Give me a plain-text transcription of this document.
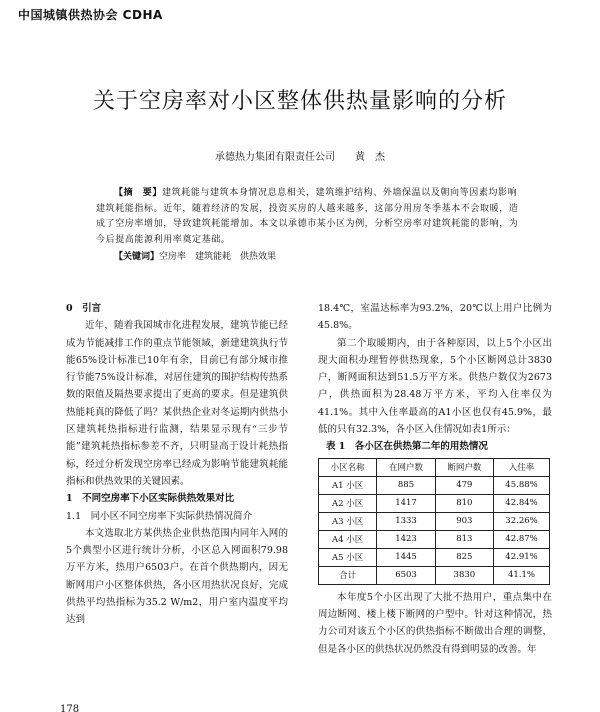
中国城镇供热协会 CDHA
关于空房率对小区整体供热量影响的分析
承德热力集团有限责任公司 黄　杰

【摘　要】建筑耗能与建筑本身情况息息相关，建筑维护结构、外墙保温以及朝向等因素均影响建筑耗能指标。近年，随着经济的发展，投资买房的人越来越多，这部分用房冬季基本不会取暖，造成了空房率增加，导致建筑耗能增加。本文以承德市某小区为例，分析空房率对建筑耗能的影响，为今后提高能源利用率奠定基础。

【关键词】空房率　建筑能耗　供热效果

0　引言

近年，随着我国城市化进程发展，建筑节能已经成为节能减排工作的重点节能领域，新建建筑执行节能65%设计标准已10年有余，目前已有部分城市推行节能75%设计标准，对居住建筑的围护结构传热系数的限值及隔热要求提出了更高的要求。但是建筑供热能耗真的降低了吗？某供热企业对冬运期内供热小区建筑耗热指标进行监测，结果显示现有“三步节能”建筑耗热指标参差不齐，只明显高于设计耗热指标，经过分析发现空房率已经成为影响节能建筑耗能指标和供热效果的关键因素。

1　不同空房率下小区实际供热效果对比

1.1　同小区不同空房率下实际供热情况简介

本文选取北方某供热企业供热范围内同年入网的5个典型小区进行统计分析，小区总入网面积79.98万平方米，热用户6503户。在首个供热期内，因无断网用户小区整体供热，各小区用热状况良好，完成供热平均热指标为35.2 W/m2，用户室内温度平均达到

18.4℃，室温达标率为93.2%，20℃以上用户比例为45.8%。

第二个取暖期内，由于各种原因，以上5个小区出现大面积办理暂停供热现象，5个小区断网总计3830户，断网面积达到51.5万平方米。供热户数仅为2673户，供热面积为28.48万平方米，平均入住率仅为41.1%。其中入住率最高的A1小区也仅有45.9%，最低的只有32.3%，各小区入住情况如表1所示：

表 1　各小区在供热第二年的用热情况

小区名称	在网户数	断网户数	入住率
A1 小区	885	479	45.88%
A2 小区	1417	810	42.84%
A3 小区	1333	903	32.26%
A4 小区	1423	813	42.87%
A5 小区	1445	825	42.91%
合计	6503	3830	41.1%

本年度5个小区出现了大批不热用户，重点集中在周边断网、楼上楼下断网的户型中。针对这种情况，热力公司对该五个小区的供热指标不断做出合理的调整，但是各小区的供热状况仍然没有得到明显的改善。年

178
